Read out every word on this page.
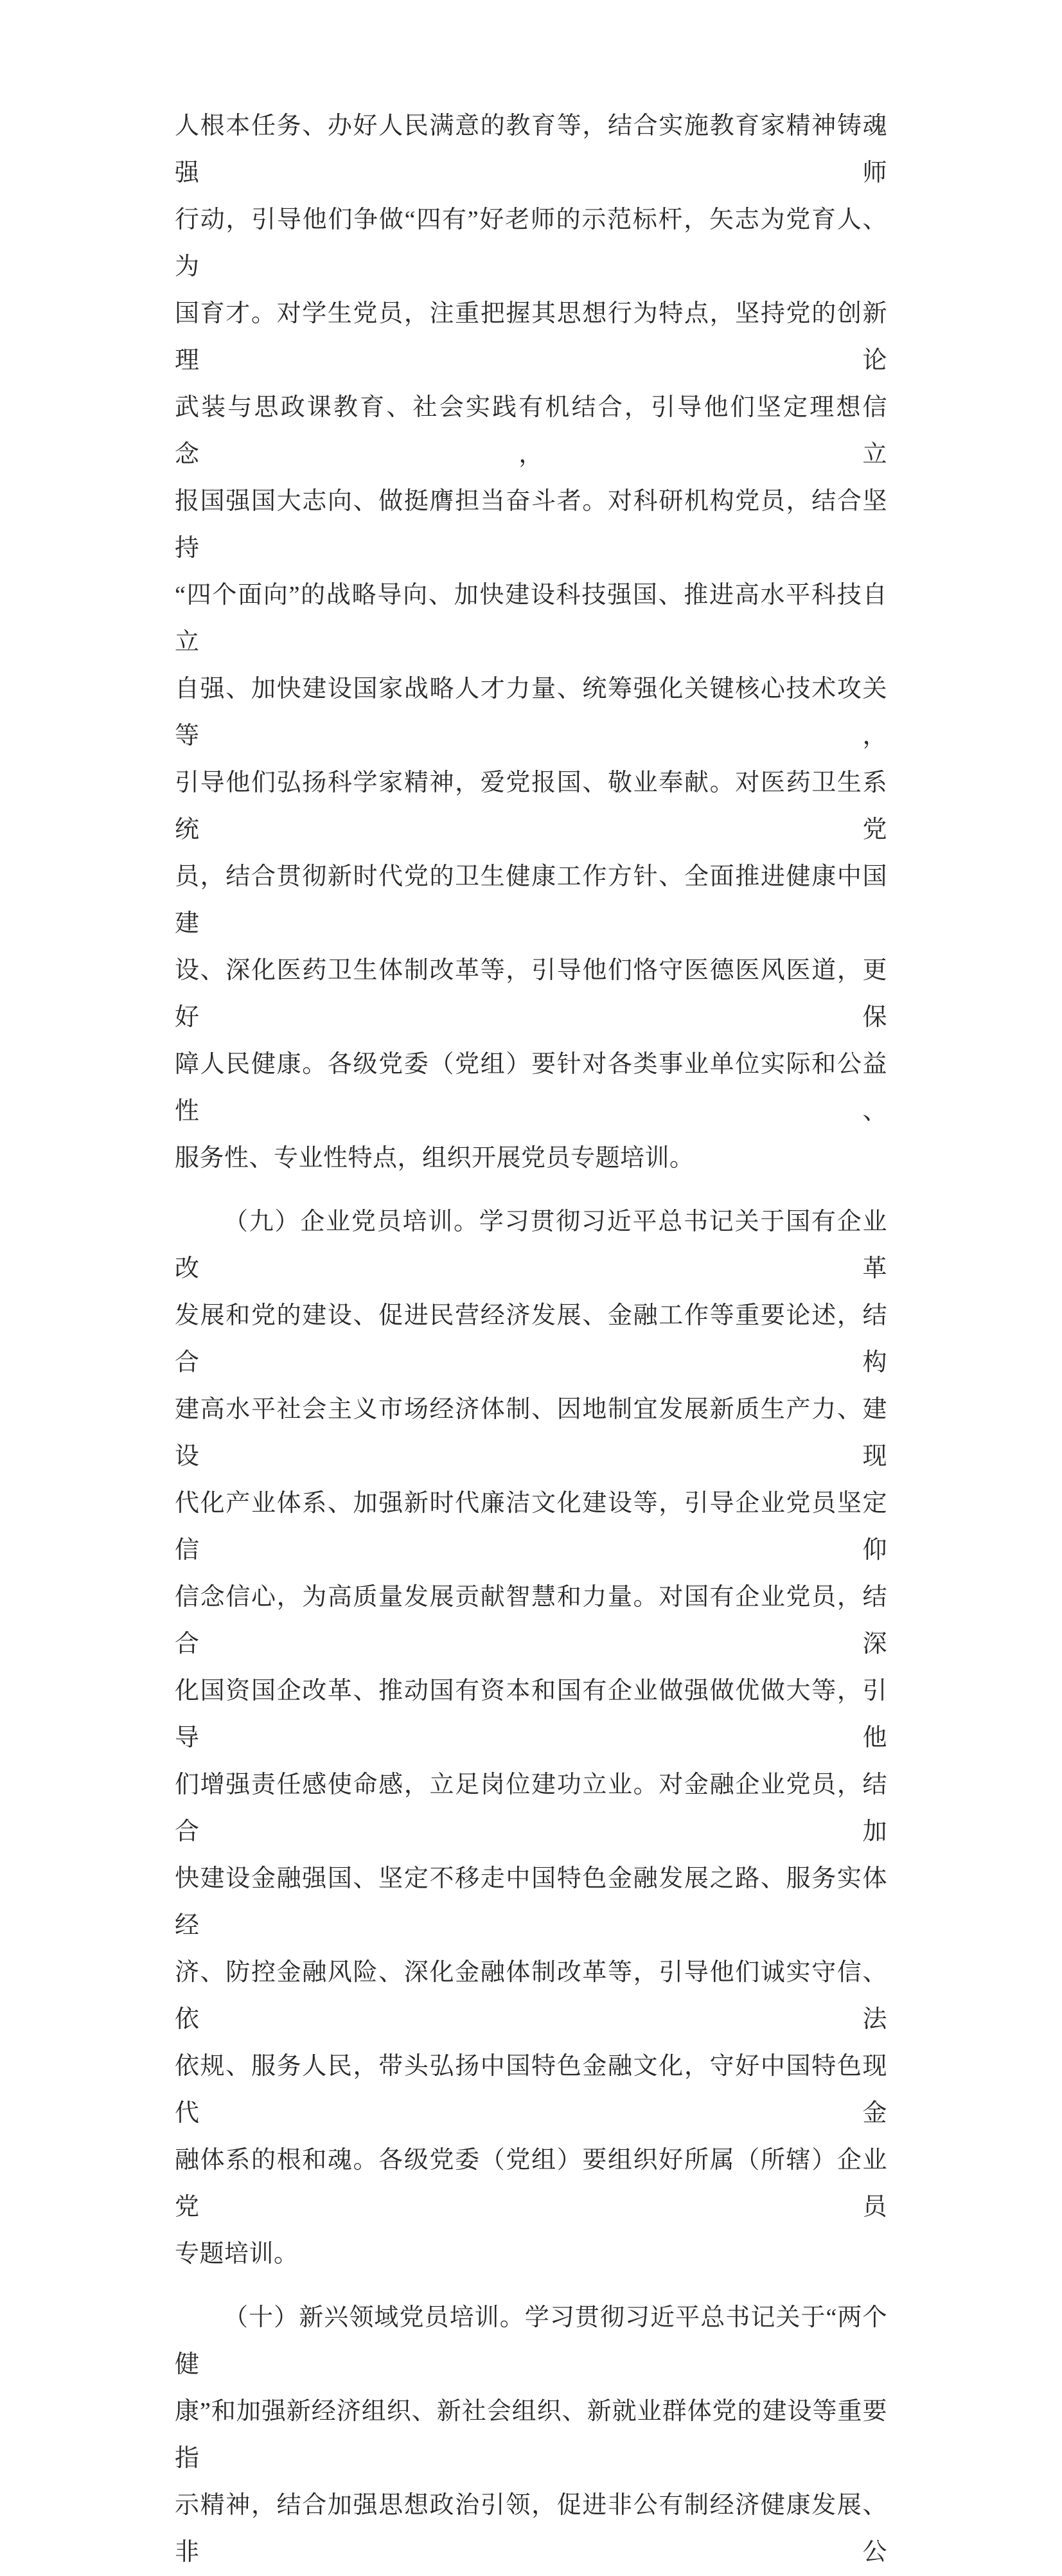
人根本任务、办好人民满意的教育等，结合实施教育家精神铸魂强师
行动，引导他们争做“四有”好老师的示范标杆，矢志为党育人、为
国育才。对学生党员，注重把握其思想行为特点，坚持党的创新理论
武装与思政课教育、社会实践有机结合，引导他们坚定理想信念，立
报国强国大志向、做挺膺担当奋斗者。对科研机构党员，结合坚持
“四个面向”的战略导向、加快建设科技强国、推进高水平科技自立
自强、加快建设国家战略人才力量、统筹强化关键核心技术攻关等，
引导他们弘扬科学家精神，爱党报国、敬业奉献。对医药卫生系统党
员，结合贯彻新时代党的卫生健康工作方针、全面推进健康中国建
设、深化医药卫生体制改革等，引导他们恪守医德医风医道，更好保
障人民健康。各级党委（党组）要针对各类事业单位实际和公益性、
服务性、专业性特点，组织开展党员专题培训。
（九）企业党员培训。学习贯彻习近平总书记关于国有企业改革
发展和党的建设、促进民营经济发展、金融工作等重要论述，结合构
建高水平社会主义市场经济体制、因地制宜发展新质生产力、建设现
代化产业体系、加强新时代廉洁文化建设等，引导企业党员坚定信仰
信念信心，为高质量发展贡献智慧和力量。对国有企业党员，结合深
化国资国企改革、推动国有资本和国有企业做强做优做大等，引导他
们增强责任感使命感，立足岗位建功立业。对金融企业党员，结合加
快建设金融强国、坚定不移走中国特色金融发展之路、服务实体经
济、防控金融风险、深化金融体制改革等，引导他们诚实守信、依法
依规、服务人民，带头弘扬中国特色金融文化，守好中国特色现代金
融体系的根和魂。各级党委（党组）要组织好所属（所辖）企业党员
专题培训。
（十）新兴领域党员培训。学习贯彻习近平总书记关于“两个健
康”和加强新经济组织、新社会组织、新就业群体党的建设等重要指
示精神，结合加强思想政治引领，促进非公有制经济健康发展、非公
